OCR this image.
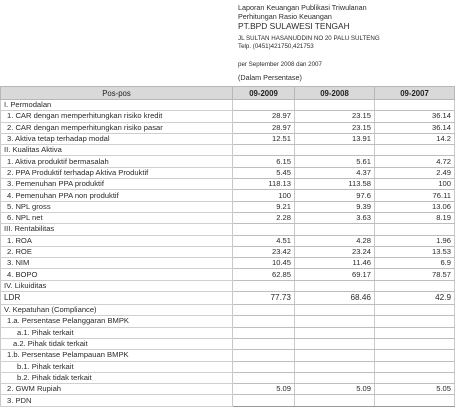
Laporan Keuangan Publikasi Triwulanan
Perhitungan Rasio Keuangan
PT.BPD SULAWESI TENGAH
JL SULTAN HASANUDDIN NO 20 PALU SULTENG
Telp. (0451)421750,421753
per September 2008 dan 2007
(Dalam Persentase)
Pos-pos	09-2009	09-2008	09-2007
I. Permodalan			
1. CAR dengan memperhitungkan risiko kredit	28.97	23.15	36.14
2. CAR dengan memperhitungkan risiko pasar	28.97	23.15	36.14
3. Aktiva tetap terhadap modal	12.51	13.91	14.2
II. Kualitas Aktiva			
1. Aktiva produktif bermasalah	6.15	5.61	4.72
2. PPA Produktif terhadap Aktiva Produktif	5.45	4.37	2.49
3. Pemenuhan PPA produktif	118.13	113.58	100
4. Pemenuhan PPA non produktif	100	97.6	76.11
5. NPL gross	9.21	9.39	13.06
6. NPL net	2.28	3.63	8.19
III. Rentabilitas			
1. ROA	4.51	4.28	1.96
2. ROE	23.42	23.24	13.53
3. NIM	10.45	11.46	6.9
4. BOPO	62.85	69.17	78.57
IV. Likuiditas			
LDR	77.73	68.46	42.9
V. Kepatuhan (Compliance)			
1.a. Persentase Pelanggaran BMPK			
a.1. Pihak terkait			
a.2. Pihak tidak terkait			
1.b. Persentase Pelampauan BMPK			
b.1. Pihak terkait			
b.2. Pihak tidak terkait			
2. GWM Rupiah	5.09	5.09	5.05
3. PDN			
